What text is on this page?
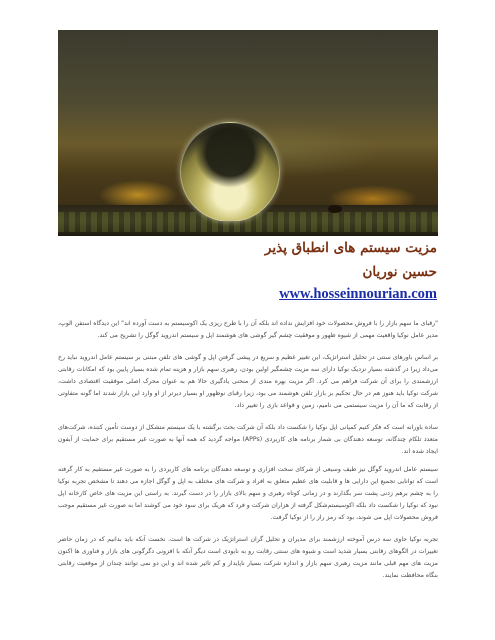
مزیت سیستم های انطباق پذیر
حسین نوریان
www.hosseinnourian.com

"رقبای ما سهم بازار را با فروش محصولات خود افزایش نداده اند بلکه آن را با طرح ریزی یک اکوسیستم به دست آورده اند" این دیدگاه استفن الوپ، مدیر عامل نوکیا واقعیت مهمی از شیوه ظهور و موفقیت چشم گیر گوشی های هوشمند اپل و سیستم اندروید گوگل را تشریح می کند.

بر اساس باورهای سنتی در تحلیل استراتژیک، این تغییر عظیم و سریع در پیشی گرفتن اپل و گوشی های تلفن مبتنی بر سیستم عامل اندروید نباید رخ می‌داد زیرا در گذشته بسیار نزدیک نوکیا دارای سه مزیت چشمگیر اولین بودن، رهبری سهم بازار و هزینه‌ تمام شده بسیار پایین بود که امکانات رقابتی ارزشمندی را برای آن شرکت فراهم می کرد. اگر مزیت بهره مندی از منحنی یادگیری حالا هم به عنوان محرک اصلی موفقیت اقتصادی داشت، شرکت نوکیا باید هنوز هم در حال تحکیم بر بازار تلفن هوشمند می بود، زیرا رقبای نوظهور او بسیار دیرتر از او وارد این بازار شدند اما گونه متفاوتی از رقابت که ما آن را مزیت سیستمی می نامیم، زمین و قواعد بازی را تغییر داد.

ساده باورانه است که فکر کنیم کمپانی اپل نوکیا را شکست داد بلکه آن شرکت بحث برگشته با یک سیستم متشکل از دوست تأمین کننده، شرکت‌های متعدد تلکام چندگانه، توسعه دهندگان بی شمار برنامه های کاربردی (APPs) مواجه گردید که همه آنها به صورت غیر مستقیم برای حمایت از آیفون ایجاد شده اند.

سیستم عامل اندروید گوگل نیز طیف وسیعی از شرکای سخت افزاری و توسعه دهندگان برنامه های کاربردی را به صورت غیر مستقیم به کار گرفته است که توانایی تجمیع این دارایی ها و قابلیت های عظیم متعلق به افراد و شرکت های مختلف به اپل و گوگل اجازه می دهند تا مشخص تجربه نوکیا را به چشم برهم زدنی پشت سر بگذارند و در زمانی کوتاه رهبری و سهم بالای بازار را در دست گیرند. به راستی این مزیت های خاص کارخانه اپل نبود که نوکیا را شکست داد بلکه اکوسیستم‌شکل گرفته از هزاران شرکت و فرد که هریک برای سود خود می کوشند اما به صورت غیر مستقیم موجب فروش محصولات اپل می شوند، بود که رمز راز را از نوکیا گرفت.

تجربه نوکیا حاوی سه درس آموخته ارزشمند برای مدیران و تحلیل گران استراتژیک در شرکت ها است. نخست آنکه باید بدانیم که در زمان حاضر تغییرات در الگوهای رقابتی بسیار شدید است و شیوه های سنتی رقابت رو به نابودی است دیگر آنکه با افزونی دگرگونی های بازار و فناوری ها اکنون مزیت های مهم قبلی مانند مزیت رهبری سهم بازار و اندازه شرکت بسیار ناپایدار و کم تاثیر شده اند و این دو نمی توانند چندان از موقعیت رقابتی بنگاه محافظت نمایند.
